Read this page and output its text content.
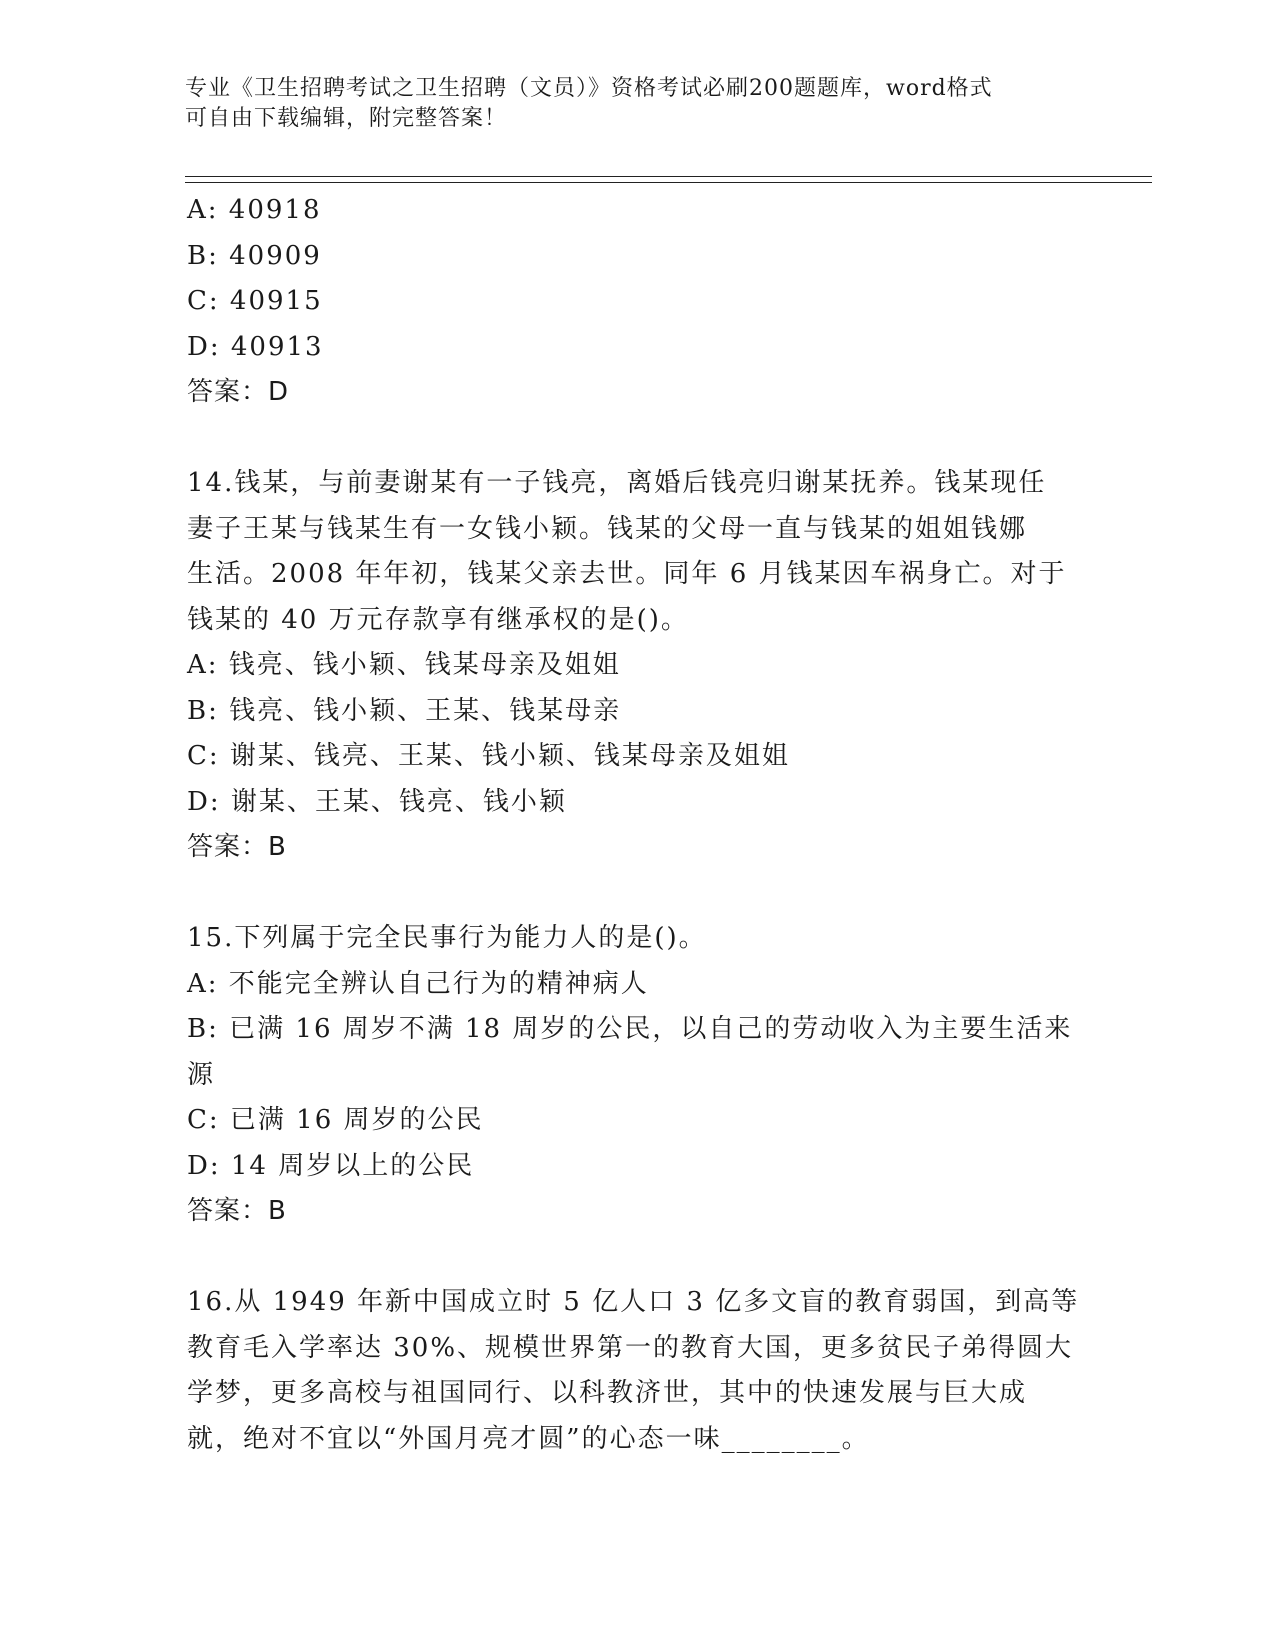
专业《卫生招聘考试之卫生招聘（文员）》资格考试必刷200题题库，word格式
可自由下载编辑，附完整答案！
A: 40918
B: 40909
C: 40915
D: 40913
答案：D
14.钱某，与前妻谢某有一子钱亮，离婚后钱亮归谢某抚养。钱某现任
妻子王某与钱某生有一女钱小颖。钱某的父母一直与钱某的姐姐钱娜
生活。2008 年年初，钱某父亲去世。同年 6 月钱某因车祸身亡。对于
钱某的 40 万元存款享有继承权的是()。
A: 钱亮、钱小颖、钱某母亲及姐姐
B: 钱亮、钱小颖、王某、钱某母亲
C: 谢某、钱亮、王某、钱小颖、钱某母亲及姐姐
D: 谢某、王某、钱亮、钱小颖
答案：B
15.下列属于完全民事行为能力人的是()。
A: 不能完全辨认自己行为的精神病人
B: 已满 16 周岁不满 18 周岁的公民，以自己的劳动收入为主要生活来
源
C: 已满 16 周岁的公民
D: 14 周岁以上的公民
答案：B
16.从 1949 年新中国成立时 5 亿人口 3 亿多文盲的教育弱国，到高等
教育毛入学率达 30%、规模世界第一的教育大国，更多贫民子弟得圆大
学梦，更多高校与祖国同行、以科教济世，其中的快速发展与巨大成
就，绝对不宜以“外国月亮才圆”的心态一味________。
